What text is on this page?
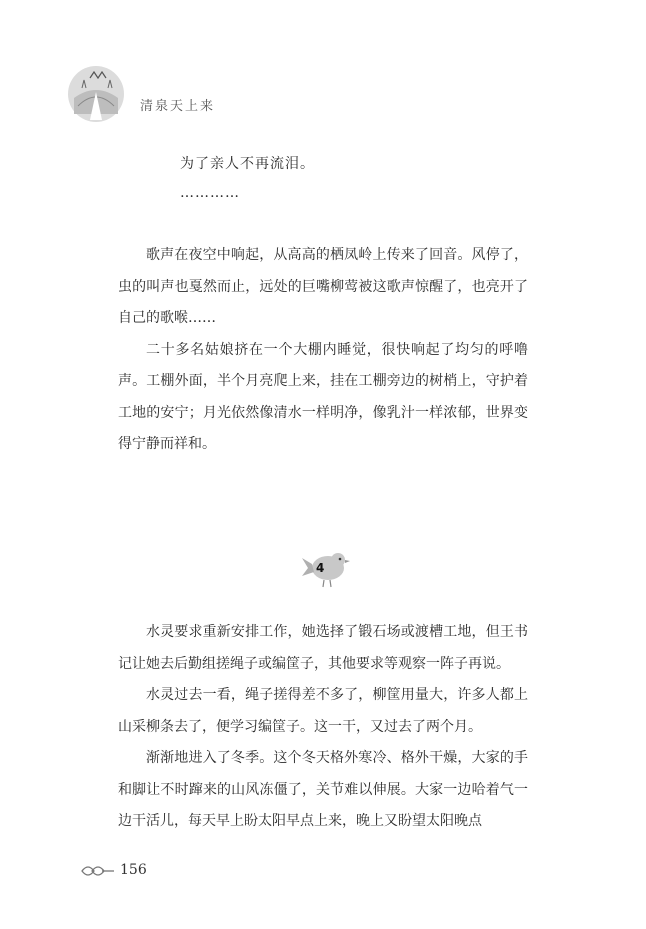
清泉天上来
为了亲人不再流泪。
…………

歌声在夜空中响起，从高高的栖凤岭上传来了回音。风停了，虫的叫声也戛然而止，远处的巨嘴柳莺被这歌声惊醒了，也亮开了自己的歌喉……

二十多名姑娘挤在一个大棚内睡觉，很快响起了均匀的呼噜声。工棚外面，半个月亮爬上来，挂在工棚旁边的树梢上，守护着工地的安宁；月光依然像清水一样明净，像乳汁一样浓郁，世界变得宁静而祥和。

4

水灵要求重新安排工作，她选择了锻石场或渡槽工地，但王书记让她去后勤组搓绳子或编筐子，其他要求等观察一阵子再说。

水灵过去一看，绳子搓得差不多了，柳筐用量大，许多人都上山采柳条去了，便学习编筐子。这一干，又过去了两个月。

渐渐地进入了冬季。这个冬天格外寒冷、格外干燥，大家的手和脚让不时蹿来的山风冻僵了，关节难以伸展。大家一边哈着气一边干活儿，每天早上盼太阳早点上来，晚上又盼望太阳晚点

156
